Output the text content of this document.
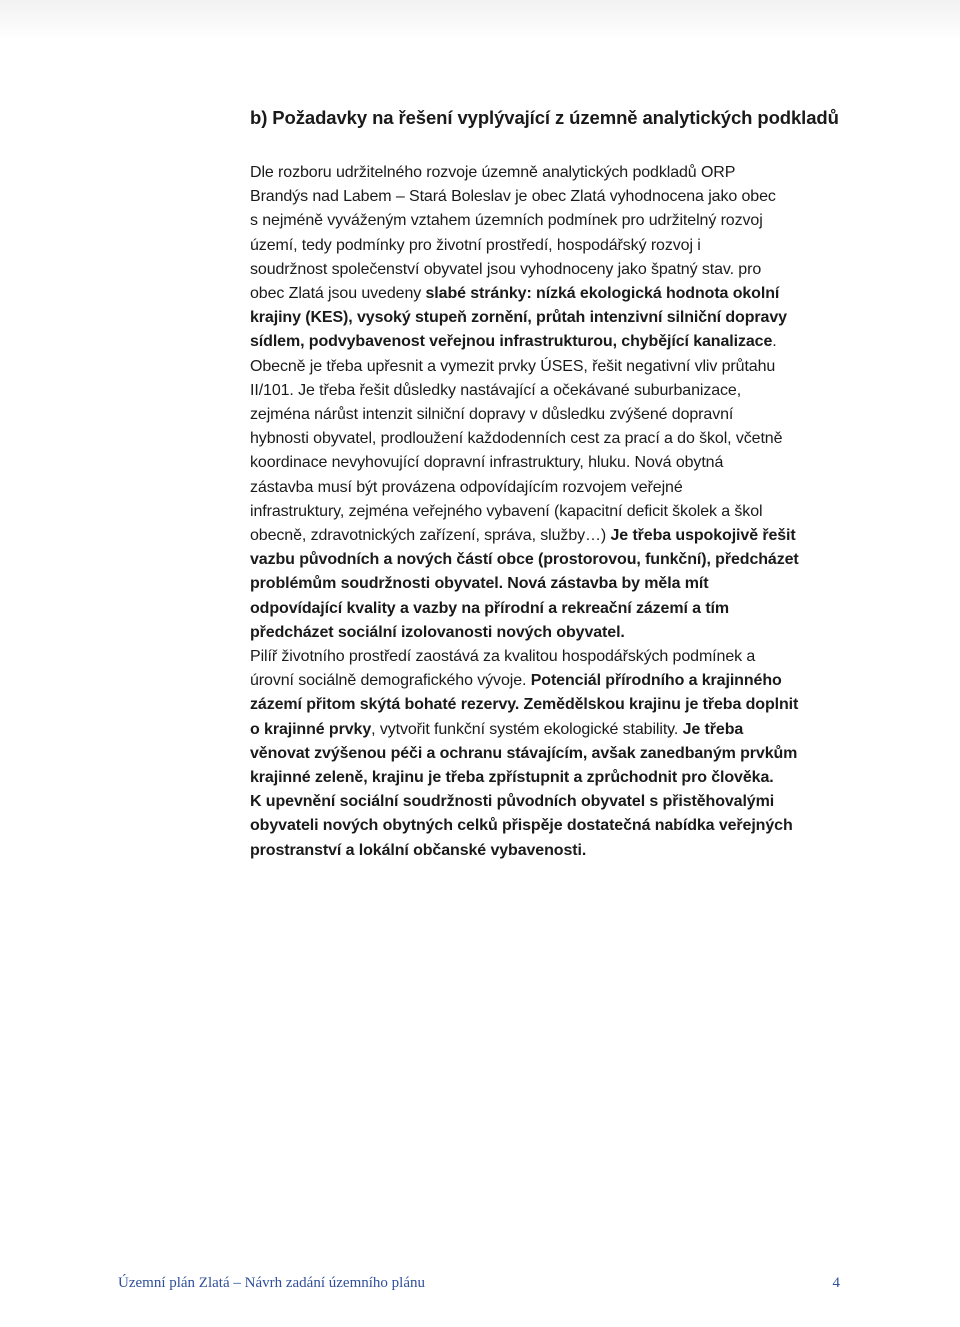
b) Požadavky na řešení vyplývající z územně analytických podkladů
Dle rozboru udržitelného rozvoje územně analytických podkladů ORP
Brandýs nad Labem – Stará Boleslav je obec Zlatá vyhodnocena jako obec
s nejméně vyváženým vztahem územních podmínek pro udržitelný rozvoj
území, tedy podmínky pro životní prostředí, hospodářský rozvoj i
soudržnost společenství obyvatel jsou vyhodnoceny jako špatný stav. pro
obec Zlatá jsou uvedeny slabé stránky: nízká ekologická hodnota okolní
krajiny (KES), vysoký stupeň zornění, průtah intenzivní silniční dopravy
sídlem, podvybavenost veřejnou infrastrukturou, chybějící kanalizace.
Obecně je třeba upřesnit a vymezit prvky ÚSES, řešit negativní vliv průtahu
II/101. Je třeba řešit důsledky nastávající a očekávané suburbanizace,
zejména nárůst intenzit silniční dopravy v důsledku zvýšené dopravní
hybnosti obyvatel, prodloužení každodenních cest za prací a do škol, včetně
koordinace nevyhovující dopravní infrastruktury, hluku. Nová obytná
zástavba musí být provázena odpovídajícím rozvojem veřejné
infrastruktury, zejména veřejného vybavení (kapacitní deficit školek a škol
obecně, zdravotnických zařízení, správa, služby…) Je třeba uspokojivě řešit
vazbu původních a nových částí obce (prostorovou, funkční), předcházet
problémům soudržnosti obyvatel. Nová zástavba by měla mít
odpovídající kvality a vazby na přírodní a rekreační zázemí a tím
předcházet sociální izolovanosti nových obyvatel.
Pilíř životního prostředí zaostává za kvalitou hospodářských podmínek a
úrovní sociálně demografického vývoje. Potenciál přírodního a krajinného
zázemí přitom skýtá bohaté rezervy. Zemědělskou krajinu je třeba doplnit
o krajinné prvky, vytvořit funkční systém ekologické stability. Je třeba
věnovat zvýšenou péči a ochranu stávajícím, avšak zanedbaným prvkům
krajinné zeleně, krajinu je třeba zpřístupnit a zprůchodnit pro člověka.
K upevnění sociální soudržnosti původních obyvatel s přistěhovalými
obyvateli nových obytných celků přispěje dostatečná nabídka veřejných
prostranství a lokální občanské vybavenosti.
Územní plán Zlatá – Návrh zadání územního plánu	4
